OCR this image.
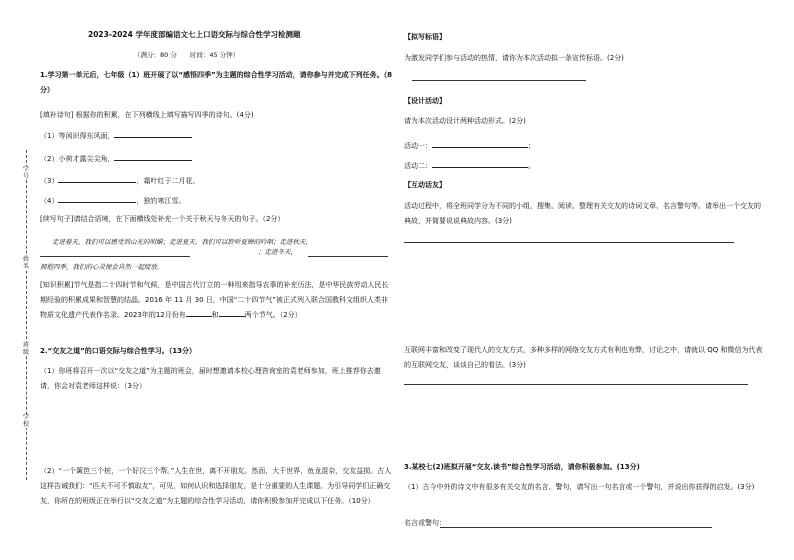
2023-2024 学年度部编语文七上口语交际与综合性学习检测题
（满分：80 分　　时间：45 分钟）
1.学习第一单元后，七年级（1）班开展了以“感悟四季”为主题的综合性学习活动，请你参与并完成下列任务。（8分）
[填补诗句] 根据你的积累，在下列横线上填写描写四季的诗句。(4分)
（1）等闲识得东风面，
（2）小荷才露尖尖角，
（3）	，霜叶红于二月花。
（4）	，独钓寒江雪。
[续写句子]请结合语境，在下面横线处补充一个关于秋天与冬天的句子。（2分）
走进春天，我们可以感受到山光的明媚；走进夏天，我们可以聆听夏蝉的吟唱；走进秋天，
；走进冬天，
拥抱四季，我们的心灵便会自然一起绽放。
[知识积累]节气是指二十四时节和气候，是中国古代订立的一种用来指导农事的补充历法，是中华民族劳动人民长期经验的积累成果和智慧的结晶。2016 年 11 月 30 日，中国“二十四节气”被正式列入联合国教科文组织人类非物质文化遗产代表作名录。2023年的12月份有	和	两个节气。（2分）
2.“交友之道”的口语交际与综合性学习。（13分）
（1）你班将召开一次以“交友之道”为主题的班会，届时想邀请本校心理咨询室的袁老师参加，班上推荐你去邀请，你会对袁老师这样说：（3分）
（2）“一个篱笆三个桩，一个好汉三个帮。”人生在世，离不开朋友。然而，大千世界，鱼龙混杂，交友益损。古人这样告诫我们：“匹夫不可不慎取友”，可见，如何认识和选择朋友，是十分重要的人生课题。为引导同学们正确交友，你所在的班级正在举行以“交友之道”为主题的综合性学习活动，请你积极参加并完成以下任务。（10分）
学号
姓名
班级
学校
【拟写标语】
为激发同学们参与活动的热情，请你为本次活动拟一条宣传标语。(2分)
【设计活动】
请为本次活动设计两种活动形式。(2分)
活动一：	；
活动二：	。
【互动话友】
活动过程中，将全班同学分为不同的小组，搜集、阅读、整理有关交友的诗词文章、名言警句等。请举出一个交友的典故，并简要说说典故内容。(3分)
互联网丰富和改变了现代人的交友方式，多种多样的网络交友方式有利也有弊，讨论之中，请就以 QQ 和微信为代表的互联网交友，谈谈自己的看法。(3分)
3.某校七(2)班拟开展“交友.读书”综合性学习活动，请你积极参加。(13分)
（1）古今中外的诗文中有很多有关交友的名言、警句，请写出一句名言或一个警句，并说出你获得的启发。(3分)
名言或警句：
